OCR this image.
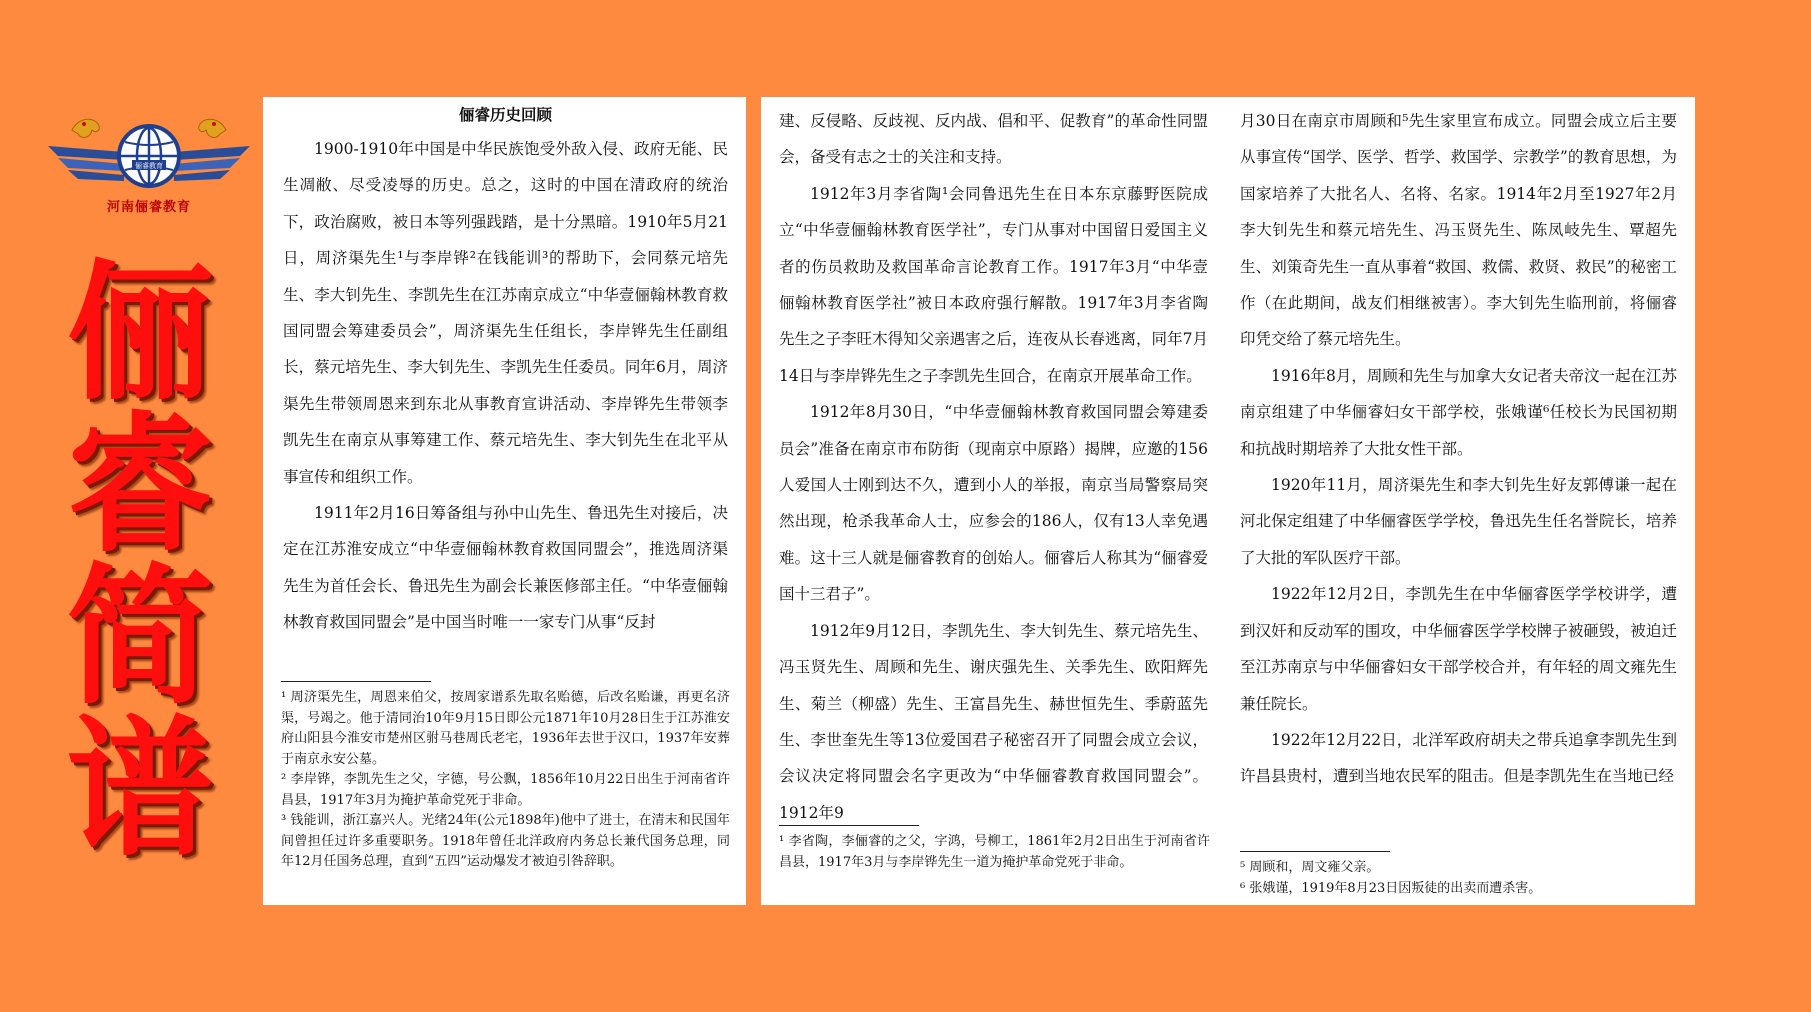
俪睿教育
河南俪睿教育
俪
睿
简
谱
俪睿历史回顾

1900-1910年中国是中华民族饱受外敌入侵、政府无能、民生凋敝、尽受凌辱的历史。总之，这时的中国在清政府的统治下，政治腐败，被日本等列强践踏，是十分黑暗。1910年5月21日，周济渠先生¹与李岸铧²在钱能训³的帮助下，会同蔡元培先生、李大钊先生、李凯先生在江苏南京成立“中华壹俪翰林教育救国同盟会筹建委员会”，周济渠先生任组长，李岸铧先生任副组长，蔡元培先生、李大钊先生、李凯先生任委员。同年6月，周济渠先生带领周恩来到东北从事教育宣讲活动、李岸铧先生带领李凯先生在南京从事筹建工作、蔡元培先生、李大钊先生在北平从事宣传和组织工作。

1911年2月16日筹备组与孙中山先生、鲁迅先生对接后，决定在江苏淮安成立“中华壹俪翰林教育救国同盟会”，推选周济渠先生为首任会长、鲁迅先生为副会长兼医修部主任。“中华壹俪翰林教育救国同盟会”是中国当时唯一一家专门从事“反封

¹ 周济渠先生，周恩来伯父，按周家谱系先取名贻德，后改名贻谦，再更名济渠，号竭之。他于清同治10年9月15日即公元1871年10月28日生于江苏淮安府山阳县今淮安市楚州区驸马巷周氏老宅，1936年去世于汉口，1937年安葬于南京永安公墓。
² 李岸铧，李凯先生之父，字德，号公飘，1856年10月22日出生于河南省许昌县，1917年3月为掩护革命党死于非命。
³ 钱能训，浙江嘉兴人。光绪24年(公元1898年)他中了进士，在清末和民国年间曾担任过许多重要职务。1918年曾任北洋政府内务总长兼代国务总理，同年12月任国务总理，直到“五四”运动爆发才被迫引咎辞职。

建、反侵略、反歧视、反内战、倡和平、促教育”的革命性同盟会，备受有志之士的关注和支持。

1912年3月李省陶¹会同鲁迅先生在日本东京藤野医院成立“中华壹俪翰林教育医学社”，专门从事对中国留日爱国主义者的伤员救助及救国革命言论教育工作。1917年3月“中华壹俪翰林教育医学社”被日本政府强行解散。1917年3月李省陶先生之子李旺木得知父亲遇害之后，连夜从长春逃离，同年7月14日与李岸铧先生之子李凯先生回合，在南京开展革命工作。

1912年8月30日，“中华壹俪翰林教育救国同盟会筹建委员会”准备在南京市布防街（现南京中原路）揭牌，应邀的156人爱国人士刚到达不久，遭到小人的举报，南京当局警察局突然出现，枪杀我革命人士，应参会的186人，仅有13人幸免遇难。这十三人就是俪睿教育的创始人。俪睿后人称其为“俪睿爱国十三君子”。

1912年9月12日，李凯先生、李大钊先生、蔡元培先生、冯玉贤先生、周顾和先生、谢庆强先生、关季先生、欧阳辉先生、菊兰（柳盛）先生、王富昌先生、赫世恒先生、季蔚蓝先生、李世奎先生等13位爱国君子秘密召开了同盟会成立会议，会议决定将同盟会名字更改为“中华俪睿教育救国同盟会”。1912年9

¹ 李省陶，李俪睿的之父，字鸿，号柳工，1861年2月2日出生于河南省许昌县，1917年3月与李岸铧先生一道为掩护革命党死于非命。

月30日在南京市周顾和⁵先生家里宣布成立。同盟会成立后主要从事宣传“国学、医学、哲学、救国学、宗教学”的教育思想，为国家培养了大批名人、名将、名家。1914年2月至1927年2月李大钊先生和蔡元培先生、冯玉贤先生、陈凤岐先生、覃超先生、刘策奇先生一直从事着“救国、救儒、救贤、救民”的秘密工作（在此期间，战友们相继被害）。李大钊先生临刑前，将俪睿印凭交给了蔡元培先生。

1916年8月，周顾和先生与加拿大女记者夫帝汶一起在江苏南京组建了中华俪睿妇女干部学校，张娥谨⁶任校长为民国初期和抗战时期培养了大批女性干部。

1920年11月，周济渠先生和李大钊先生好友郭傅谦一起在河北保定组建了中华俪睿医学学校，鲁迅先生任名誉院长，培养了大批的军队医疗干部。

1922年12月2日，李凯先生在中华俪睿医学学校讲学，遭到汉奸和反动军的围攻，中华俪睿医学学校牌子被砸毁，被迫迁至江苏南京与中华俪睿妇女干部学校合并，有年轻的周文雍先生兼任院长。

1922年12月22日，北洋军政府胡夫之带兵追拿李凯先生到许昌县贵村，遭到当地农民军的阻击。但是李凯先生在当地已经

⁵ 周顾和，周文雍父亲。
⁶ 张娥谨，1919年8月23日因叛徒的出卖而遭杀害。
